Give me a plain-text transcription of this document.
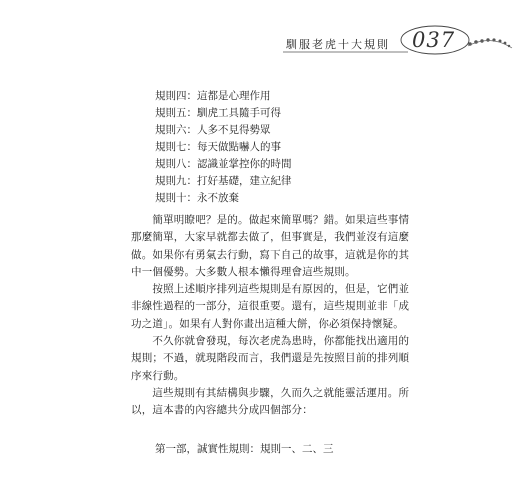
馴服老虎十大規則 037
規則四：這都是心理作用
規則五：馴虎工具隨手可得
規則六：人多不見得勢眾
規則七：每天做點嚇人的事
規則八：認識並掌控你的時間
規則九：打好基礎，建立紀律
規則十：永不放棄

　　簡單明瞭吧？是的。做起來簡單嗎？錯。如果這些事情
那麼簡單，大家早就都去做了，但事實是，我們並沒有這麼
做。如果你有勇氣去行動，寫下自己的故事，這就是你的其
中一個優勢。大多數人根本懶得理會這些規則。

　　按照上述順序排列這些規則是有原因的，但是，它們並
非線性過程的一部分，這很重要。還有，這些規則並非「成
功之道」。如果有人對你畫出這種大餅，你必須保持懷疑。

　　不久你就會發現，每次老虎為患時，你都能找出適用的
規則；不過，就現階段而言，我們還是先按照目前的排列順
序來行動。

　　這些規則有其結構與步驟，久而久之就能靈活運用。所
以，這本書的內容總共分成四個部分：

第一部，誠實性規則：規則一、二、三
